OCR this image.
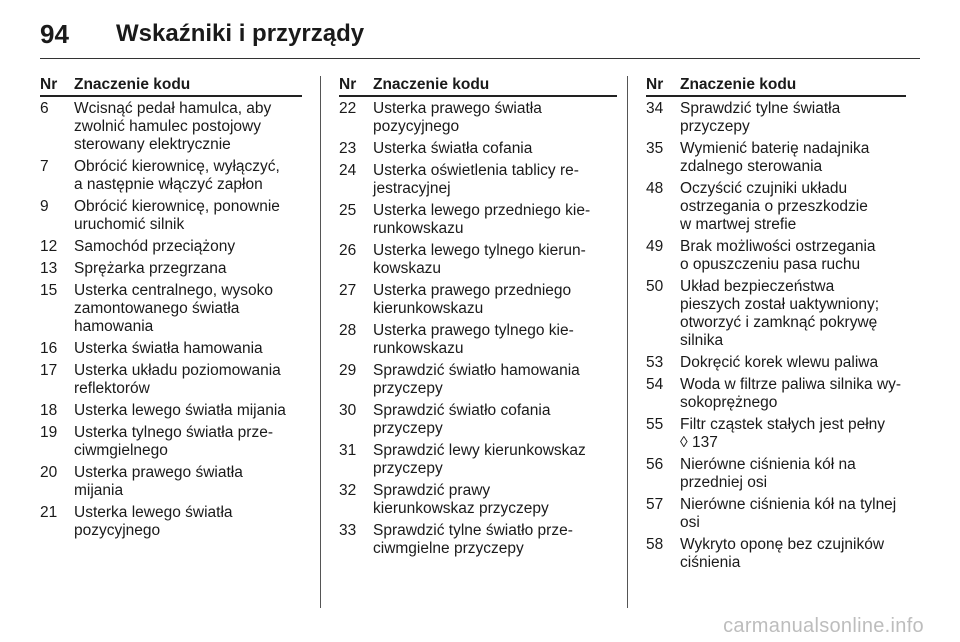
94	Wskaźniki i przyrządy
Nr	Znaczenie kodu
6	Wcisnąć pedał hamulca, aby
zwolnić hamulec postojowy
sterowany elektrycznie
7	Obrócić kierownicę, wyłączyć,
a następnie włączyć zapłon
9	Obrócić kierownicę, ponownie
uruchomić silnik
12	Samochód przeciążony
13	Sprężarka przegrzana
15	Usterka centralnego, wysoko
zamontowanego światła
hamowania
16	Usterka światła hamowania
17	Usterka układu poziomowania
reflektorów
18	Usterka lewego światła mijania
19	Usterka tylnego światła prze-
ciwmgielnego
20	Usterka prawego światła
mijania
21	Usterka lewego światła
pozycyjnego
Nr	Znaczenie kodu
22	Usterka prawego światła
pozycyjnego
23	Usterka światła cofania
24	Usterka oświetlenia tablicy re-
jestracyjnej
25	Usterka lewego przedniego kie-
runkowskazu
26	Usterka lewego tylnego kierun-
kowskazu
27	Usterka prawego przedniego
kierunkowskazu
28	Usterka prawego tylnego kie-
runkowskazu
29	Sprawdzić światło hamowania
przyczepy
30	Sprawdzić światło cofania
przyczepy
31	Sprawdzić lewy kierunkowskaz
przyczepy
32	Sprawdzić prawy
kierunkowskaz przyczepy
33	Sprawdzić tylne światło prze-
ciwmgielne przyczepy
Nr	Znaczenie kodu
34	Sprawdzić tylne światła
przyczepy
35	Wymienić baterię nadajnika
zdalnego sterowania
48	Oczyścić czujniki układu
ostrzegania o przeszkodzie
w martwej strefie
49	Brak możliwości ostrzegania
o opuszczeniu pasa ruchu
50	Układ bezpieczeństwa
pieszych został uaktywniony;
otworzyć i zamknąć pokrywę
silnika
53	Dokręcić korek wlewu paliwa
54	Woda w filtrze paliwa silnika wy-
sokoprężnego
55	Filtr cząstek stałych jest pełny
◊ 137
56	Nierówne ciśnienia kół na
przedniej osi
57	Nierówne ciśnienia kół na tylnej
osi
58	Wykryto oponę bez czujników
ciśnienia
carmanualsonline.info
